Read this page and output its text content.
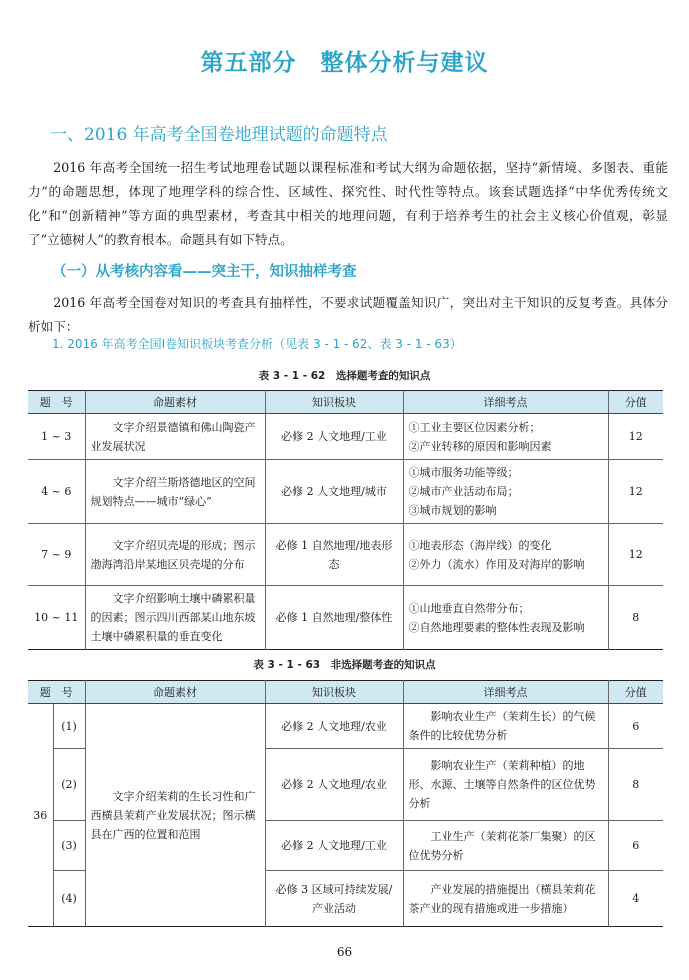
第五部分　整体分析与建议
一、2016 年高考全国卷地理试题的命题特点

2016 年高考全国统一招生考试地理卷试题以课程标准和考试大纲为命题依据，坚持“新情境、多图表、重能力”的命题思想，体现了地理学科的综合性、区域性、探究性、时代性等特点。该套试题选择“中华优秀传统文化”和“创新精神”等方面的典型素材，考查其中相关的地理问题，有利于培养考生的社会主义核心价值观，彰显了“立德树人”的教育根本。命题具有如下特点。

（一）从考核内容看——突主干，知识抽样考查

2016 年高考全国卷对知识的考查具有抽样性，不要求试题覆盖知识广，突出对主干知识的反复考查。具体分析如下：

1. 2016 年高考全国Ⅰ卷知识板块考查分析（见表 3 - 1 - 62、表 3 - 1 - 63）
表 3 - 1 - 62　选择题考查的知识点
题　号	命题素材	知识板块	详细考点	分值
1 ~ 3	文字介绍景德镇和佛山陶瓷产业发展状况	必修 2 人文地理/工业	①工业主要区位因素分析；
②产业转移的原因和影响因素	12
4 ~ 6	文字介绍兰斯塔德地区的空间规划特点——城市“绿心”	必修 2 人文地理/城市	①城市服务功能等级；
②城市产业活动布局；
③城市规划的影响	12
7 ~ 9	文字介绍贝壳堤的形成；图示渤海湾沿岸某地区贝壳堤的分布	必修 1 自然地理/地表形态	①地表形态（海岸线）的变化
②外力（流水）作用及对海岸的影响	12
10 ~ 11	文字介绍影响土壤中磷累积量的因素；图示四川西部某山地东坡土壤中磷累积量的垂直变化	必修 1 自然地理/整体性	①山地垂直自然带分布；
②自然地理要素的整体性表现及影响	8
表 3 - 1 - 63　非选择题考查的知识点
题　号		命题素材	知识板块	详细考点	分值
36	(1)	文字介绍茉莉的生长习性和广西横县茉莉产业发展状况；图示横县在广西的位置和范围	必修 2 人文地理/农业	影响农业生产（茉莉生长）的气候条件的比较优势分析	6
	(2)		必修 2 人文地理/农业	影响农业生产（茉莉种植）的地形、水源、土壤等自然条件的区位优势分析	8
	(3)		必修 2 人文地理/工业	工业生产（茉莉花茶厂集聚）的区位优势分析	6
	(4)		必修 3 区域可持续发展/产业活动	产业发展的措施提出（横县茉莉花茶产业的现有措施或进一步措施）	4
66
